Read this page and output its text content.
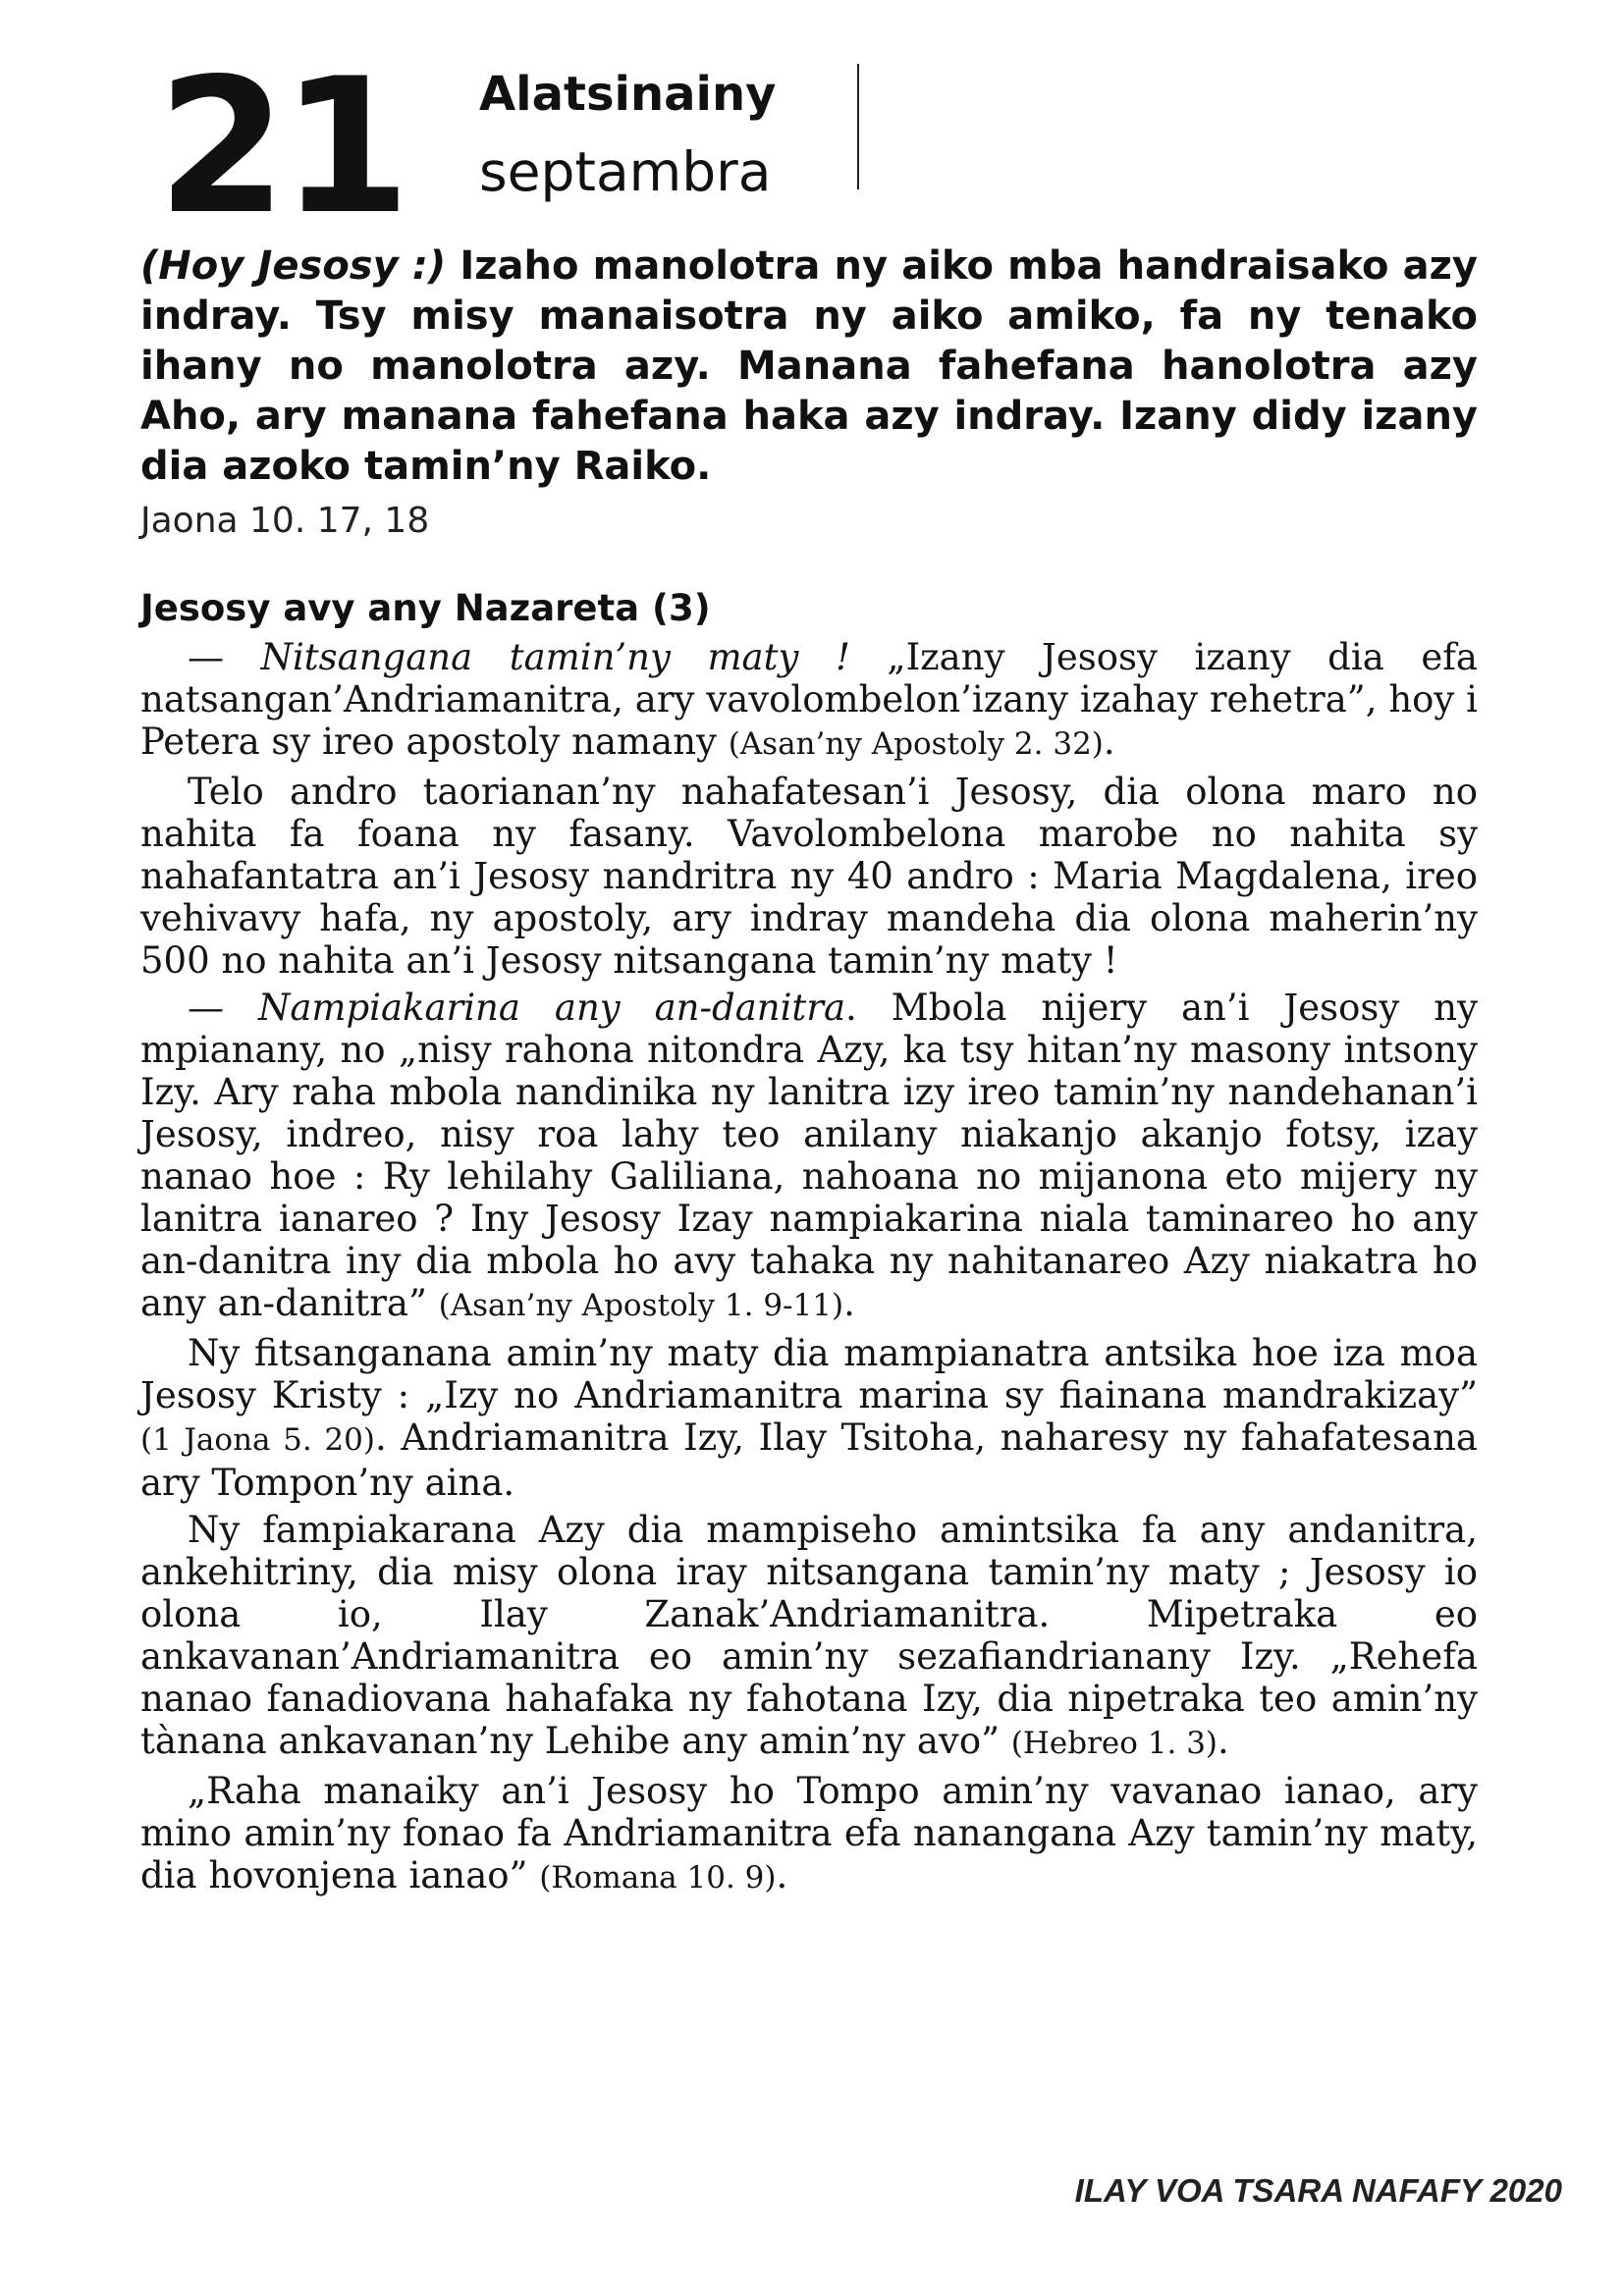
21 Alatsinainy
septambra
(Hoy Jesosy :) Izaho manolotra ny aiko mba handraisako azy indray. Tsy misy manaisotra ny aiko amiko, fa ny tenako ihany no manolotra azy. Manana fahefana hanolotra azy Aho, ary manana fahefana haka azy indray. Izany didy izany dia azoko tamin’ny Raiko.
Jaona 10. 17, 18
Jesosy avy any Nazareta (3)

— Nitsangana tamin’ny maty ! „Izany Jesosy izany dia efa natsangan’Andriamanitra, ary vavolombelon’izany izahay rehetra”, hoy i Petera sy ireo apostoly namany (Asan’ny Apostoly 2. 32).

Telo andro taorianan’ny nahafatesan’i Jesosy, dia olona maro no nahita fa foana ny fasany. Vavolombelona marobe no nahita sy nahafantatra an’i Jesosy nandritra ny 40 andro : Maria Magdalena, ireo vehivavy hafa, ny apostoly, ary indray mandeha dia olona maherin’ny 500 no nahita an’i Jesosy nitsangana tamin’ny maty !

— Nampiakarina any an-danitra. Mbola nijery an’i Jesosy ny mpianany, no „nisy rahona nitondra Azy, ka tsy hitan’ny masony intsony Izy. Ary raha mbola nandinika ny lanitra izy ireo tamin’ny nandehanan’i Jesosy, indreo, nisy roa lahy teo anilany niakanjo akanjo fotsy, izay nanao hoe : Ry lehilahy Galiliana, nahoana no mijanona eto mijery ny lanitra ianareo ? Iny Jesosy Izay nampiakarina niala taminareo ho any an-danitra iny dia mbola ho avy tahaka ny nahitanareo Azy niakatra ho any an-danitra” (Asan’ny Apostoly 1. 9-11).

Ny fitsanganana amin’ny maty dia mampianatra antsika hoe iza moa Jesosy Kristy : „Izy no Andriamanitra marina sy fiainana mandrakizay” (1 Jaona 5. 20). Andriamanitra Izy, Ilay Tsitoha, naharesy ny fahafatesana ary Tompon’ny aina.

Ny fampiakarana Azy dia mampiseho amintsika fa any andanitra, ankehitriny, dia misy olona iray nitsangana tamin’ny maty ; Jesosy io olona io, Ilay Zanak’Andriamanitra. Mipetraka eo ankavanan’Andriamanitra eo amin’ny sezafiandrianany Izy. „Rehefa nanao fanadiovana hahafaka ny fahotana Izy, dia nipetraka teo amin’ny tànana ankavanan’ny Lehibe any amin’ny avo” (Hebreo 1. 3).

„Raha manaiky an’i Jesosy ho Tompo amin’ny vavanao ianao, ary mino amin’ny fonao fa Andriamanitra efa nanangana Azy tamin’ny maty, dia hovonjena ianao” (Romana 10. 9).

ILAY VOA TSARA NAFAFY 2020
